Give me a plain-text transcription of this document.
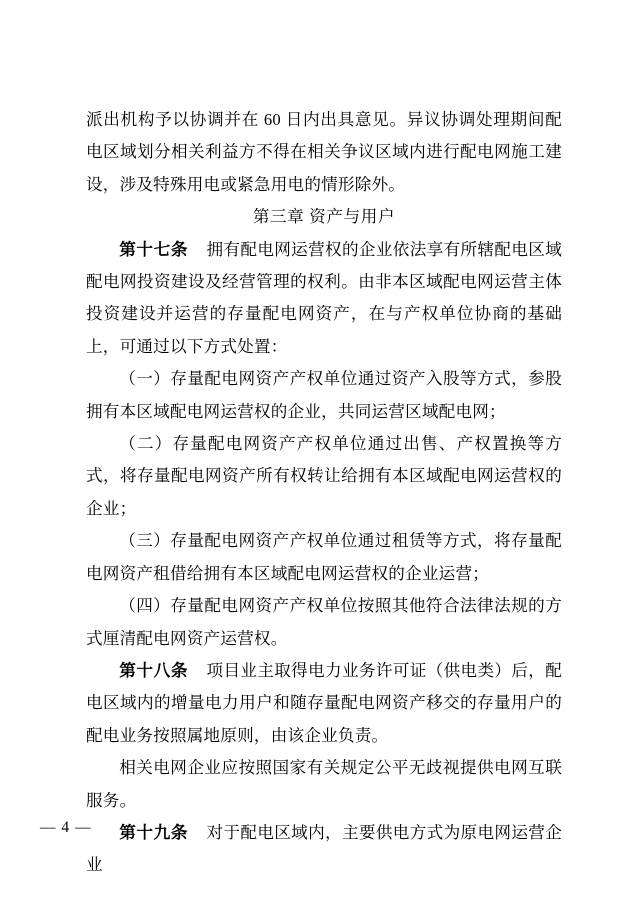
派出机构予以协调并在 60 日内出具意见。异议协调处理期间配电区域划分相关利益方不得在相关争议区域内进行配电网施工建设，涉及特殊用电或紧急用电的情形除外。

第三章 资产与用户

第十七条 拥有配电网运营权的企业依法享有所辖配电区域配电网投资建设及经营管理的权利。由非本区域配电网运营主体投资建设并运营的存量配电网资产，在与产权单位协商的基础上，可通过以下方式处置：

（一）存量配电网资产产权单位通过资产入股等方式，参股拥有本区域配电网运营权的企业，共同运营区域配电网；

（二）存量配电网资产产权单位通过出售、产权置换等方式，将存量配电网资产所有权转让给拥有本区域配电网运营权的企业；

（三）存量配电网资产产权单位通过租赁等方式，将存量配电网资产租借给拥有本区域配电网运营权的企业运营；

（四）存量配电网资产产权单位按照其他符合法律法规的方式厘清配电网资产运营权。

第十八条 项目业主取得电力业务许可证（供电类）后，配电区域内的增量电力用户和随存量配电网资产移交的存量用户的配电业务按照属地原则，由该企业负责。

相关电网企业应按照国家有关规定公平无歧视提供电网互联服务。

第十九条 对于配电区域内，主要供电方式为原电网运营企业

— 4 —
